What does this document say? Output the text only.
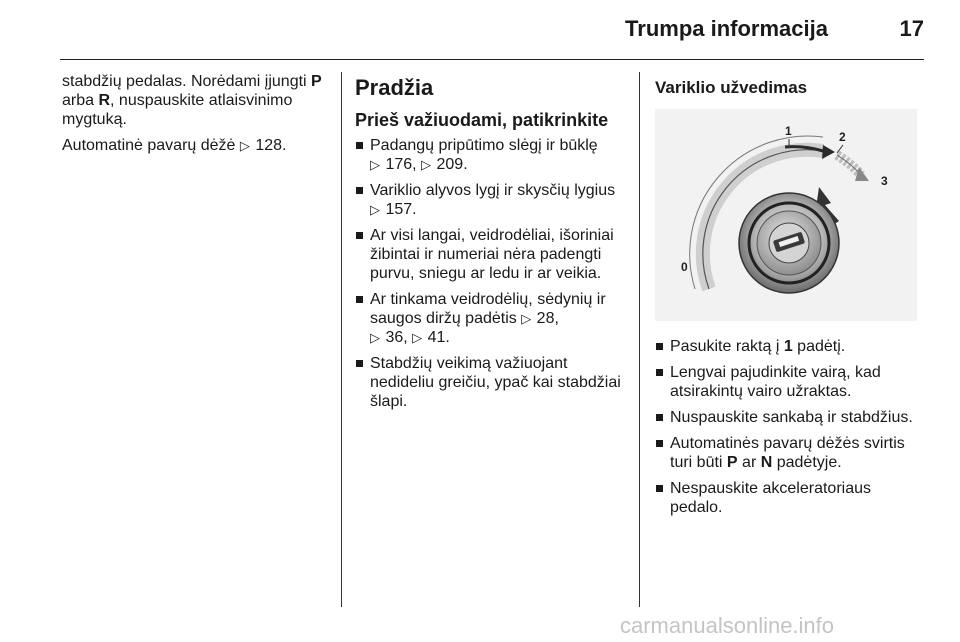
Trumpa informacija	17

stabdžių pedalas. Norėdami įjungti P arba R, nuspauskite atlaisvinimo mygtuką.

Automatinė pavarų dėžė ▷ 128.

Pradžia
Prieš važiuodami, patikrinkite
Padangų pripūtimo slėgį ir būklę
▷ 176, ▷ 209.
Variklio alyvos lygį ir skysčių lygius
▷ 157.
Ar visi langai, veidrodėliai, išoriniai žibintai ir numeriai nėra padengti purvu, sniegu ar ledu ir ar veikia.
Ar tinkama veidrodėlių, sėdynių ir saugos diržų padėtis ▷ 28,
▷ 36, ▷ 41.
Stabdžių veikimą važiuojant nedideliu greičiu, ypač kai stabdžiai šlapi.
Variklio užvedimas
0
1	2
3
Pasukite raktą į 1 padėtį.
Lengvai pajudinkite vairą, kad atsirakintų vairo užraktas.
Nuspauskite sankabą ir stabdžius.
Automatinės pavarų dėžės svirtis turi būti P ar N padėtyje.
Nespauskite akceleratoriaus pedalo.
carmanualsonline.info
